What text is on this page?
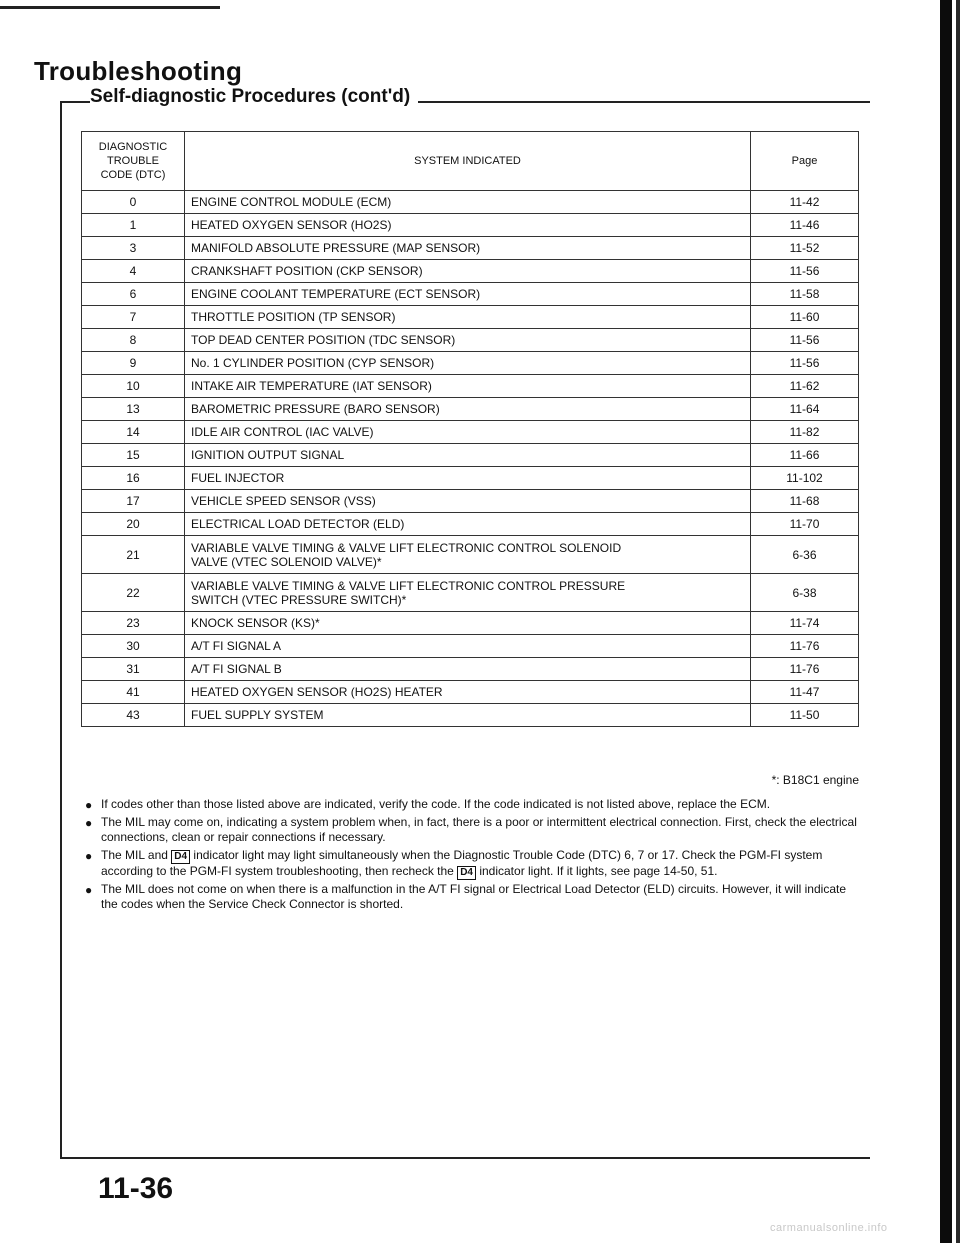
Troubleshooting
Self-diagnostic Procedures (cont'd)
DIAGNOSTIC
TROUBLE
CODE (DTC)	SYSTEM INDICATED	Page
0	ENGINE CONTROL MODULE (ECM)	11-42
1	HEATED OXYGEN SENSOR (HO2S)	11-46
3	MANIFOLD ABSOLUTE PRESSURE (MAP SENSOR)	11-52
4	CRANKSHAFT POSITION (CKP SENSOR)	11-56
6	ENGINE COOLANT TEMPERATURE (ECT SENSOR)	11-58
7	THROTTLE POSITION (TP SENSOR)	11-60
8	TOP DEAD CENTER POSITION (TDC SENSOR)	11-56
9	No. 1 CYLINDER POSITION (CYP SENSOR)	11-56
10	INTAKE AIR TEMPERATURE (IAT SENSOR)	11-62
13	BAROMETRIC PRESSURE (BARO SENSOR)	11-64
14	IDLE AIR CONTROL (IAC VALVE)	11-82
15	IGNITION OUTPUT SIGNAL	11-66
16	FUEL INJECTOR	11-102
17	VEHICLE SPEED SENSOR (VSS)	11-68
20	ELECTRICAL LOAD DETECTOR (ELD)	11-70
21	VARIABLE VALVE TIMING & VALVE LIFT ELECTRONIC CONTROL SOLENOID
VALVE (VTEC SOLENOID VALVE)*	6-36
22	VARIABLE VALVE TIMING & VALVE LIFT ELECTRONIC CONTROL PRESSURE
SWITCH (VTEC PRESSURE SWITCH)*	6-38
23	KNOCK SENSOR (KS)*	11-74
30	A/T FI SIGNAL A	11-76
31	A/T FI SIGNAL B	11-76
41	HEATED OXYGEN SENSOR (HO2S) HEATER	11-47
43	FUEL SUPPLY SYSTEM	11-50
*: B18C1 engine
● If codes other than those listed above are indicated, verify the code. If the code indicated is not listed above, replace the ECM.
● The MIL may come on, indicating a system problem when, in fact, there is a poor or intermittent electrical connection. First, check the electrical connections, clean or repair connections if necessary.
● The MIL and D4 indicator light may light simultaneously when the Diagnostic Trouble Code (DTC) 6, 7 or 17. Check the PGM-FI system according to the PGM-FI system troubleshooting, then recheck the D4 indicator light. If it lights, see page 14-50, 51.
● The MIL does not come on when there is a malfunction in the A/T FI signal or Electrical Load Detector (ELD) circuits. However, it will indicate the codes when the Service Check Connector is shorted.
11-36
carmanualsonline.info
